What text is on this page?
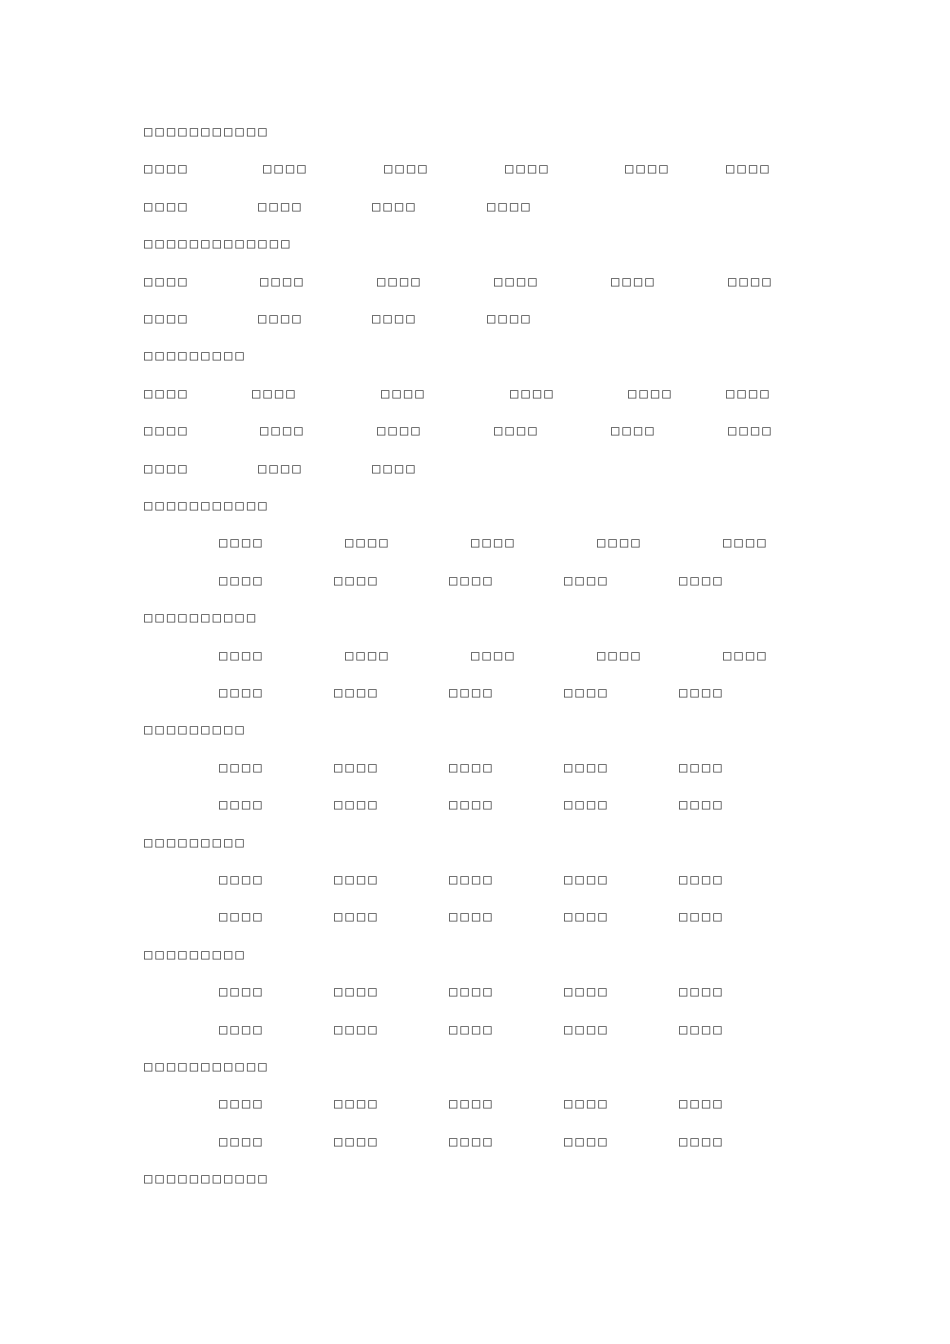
□□□□□□□□□□□
□□□□	□□□□	□□□□	□□□□	□□□□	□□□□
□□□□	□□□□	□□□□	□□□□
□□□□□□□□□□□□□
□□□□	□□□□	□□□□	□□□□	□□□□	□□□□
□□□□	□□□□	□□□□	□□□□
□□□□□□□□□
□□□□	□□□□	□□□□	□□□□	□□□□	□□□□
□□□□	□□□□	□□□□	□□□□	□□□□	□□□□
□□□□	□□□□	□□□□
□□□□□□□□□□□
□□□□	□□□□	□□□□	□□□□	□□□□
□□□□	□□□□	□□□□	□□□□	□□□□
□□□□□□□□□□
□□□□	□□□□	□□□□	□□□□	□□□□
□□□□	□□□□	□□□□	□□□□	□□□□
□□□□□□□□□
□□□□	□□□□	□□□□	□□□□	□□□□
□□□□	□□□□	□□□□	□□□□	□□□□
□□□□□□□□□
□□□□	□□□□	□□□□	□□□□	□□□□
□□□□	□□□□	□□□□	□□□□	□□□□
□□□□□□□□□
□□□□	□□□□	□□□□	□□□□	□□□□
□□□□	□□□□	□□□□	□□□□	□□□□
□□□□□□□□□□□
□□□□	□□□□	□□□□	□□□□	□□□□
□□□□	□□□□	□□□□	□□□□	□□□□
□□□□□□□□□□□
